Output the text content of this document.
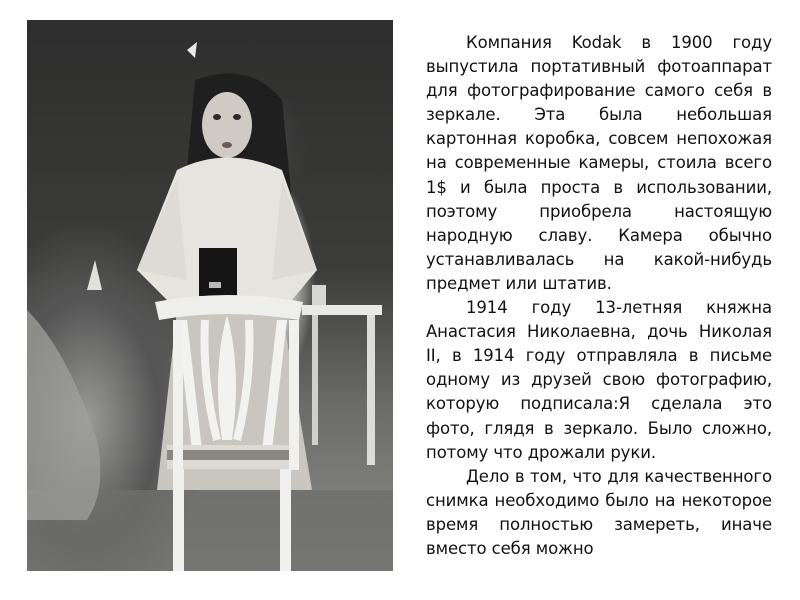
Компания Kodak в 1900 году выпустила портативный фотоаппарат для фотографирование самого себя в зеркале. Эта была небольшая картонная коробка, совсем непохожая на современные камеры, стоила всего 1$ и была проста в использовании, поэтому приобрела настоящую народную славу. Камера обычно устанавливалась на какой-нибудь предмет или штатив.

1914 году 13-летняя княжна Анастасия Николаевна, дочь Николая II, в 1914 году отправляла в письме одному из друзей свою фотографию, которую подписала:Я сделала это фото, глядя в зеркало. Было сложно, потому что дрожали руки.

Дело в том, что для качественного снимка необходимо было на некоторое время полностью замереть, иначе вместо себя можно
